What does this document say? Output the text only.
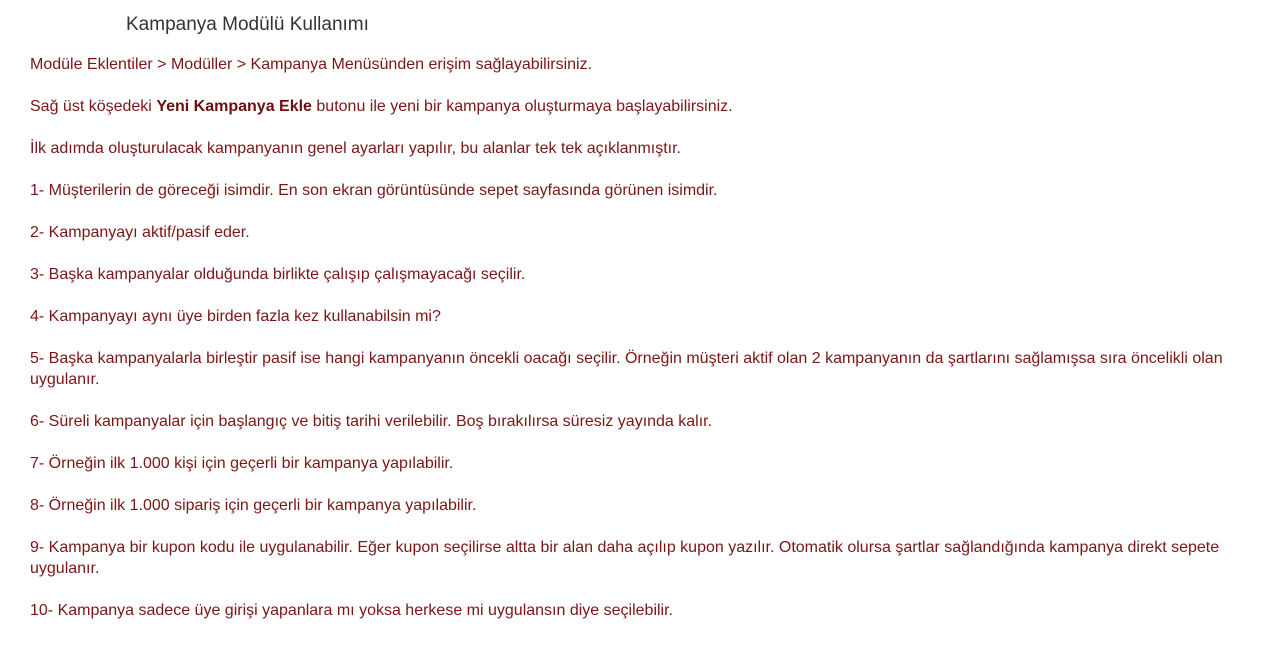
Kampanya Modülü Kullanımı

Modüle Eklentiler > Modüller > Kampanya Menüsünden erişim sağlayabilirsiniz.

Sağ üst köşedeki Yeni Kampanya Ekle butonu ile yeni bir kampanya oluşturmaya başlayabilirsiniz.

İlk adımda oluşturulacak kampanyanın genel ayarları yapılır, bu alanlar tek tek açıklanmıştır.

1- Müşterilerin de göreceği isimdir. En son ekran görüntüsünde sepet sayfasında görünen isimdir.

2- Kampanyayı aktif/pasif eder.

3- Başka kampanyalar olduğunda birlikte çalışıp çalışmayacağı seçilir.

4- Kampanyayı aynı üye birden fazla kez kullanabilsin mi?

5- Başka kampanyalarla birleştir pasif ise hangi kampanyanın öncekli oacağı seçilir. Örneğin müşteri aktif olan 2 kampanyanın da şartlarını sağlamışsa sıra öncelikli olan uygulanır.

6- Süreli kampanyalar için başlangıç ve bitiş tarihi verilebilir. Boş bırakılırsa süresiz yayında kalır.

7- Örneğin ilk 1.000 kişi için geçerli bir kampanya yapılabilir.

8- Örneğin ilk 1.000 sipariş için geçerli bir kampanya yapılabilir.

9- Kampanya bir kupon kodu ile uygulanabilir. Eğer kupon seçilirse altta bir alan daha açılıp kupon yazılır. Otomatik olursa şartlar sağlandığında kampanya direkt sepete uygulanır.

10- Kampanya sadece üye girişi yapanlara mı yoksa herkese mi uygulansın diye seçilebilir.
